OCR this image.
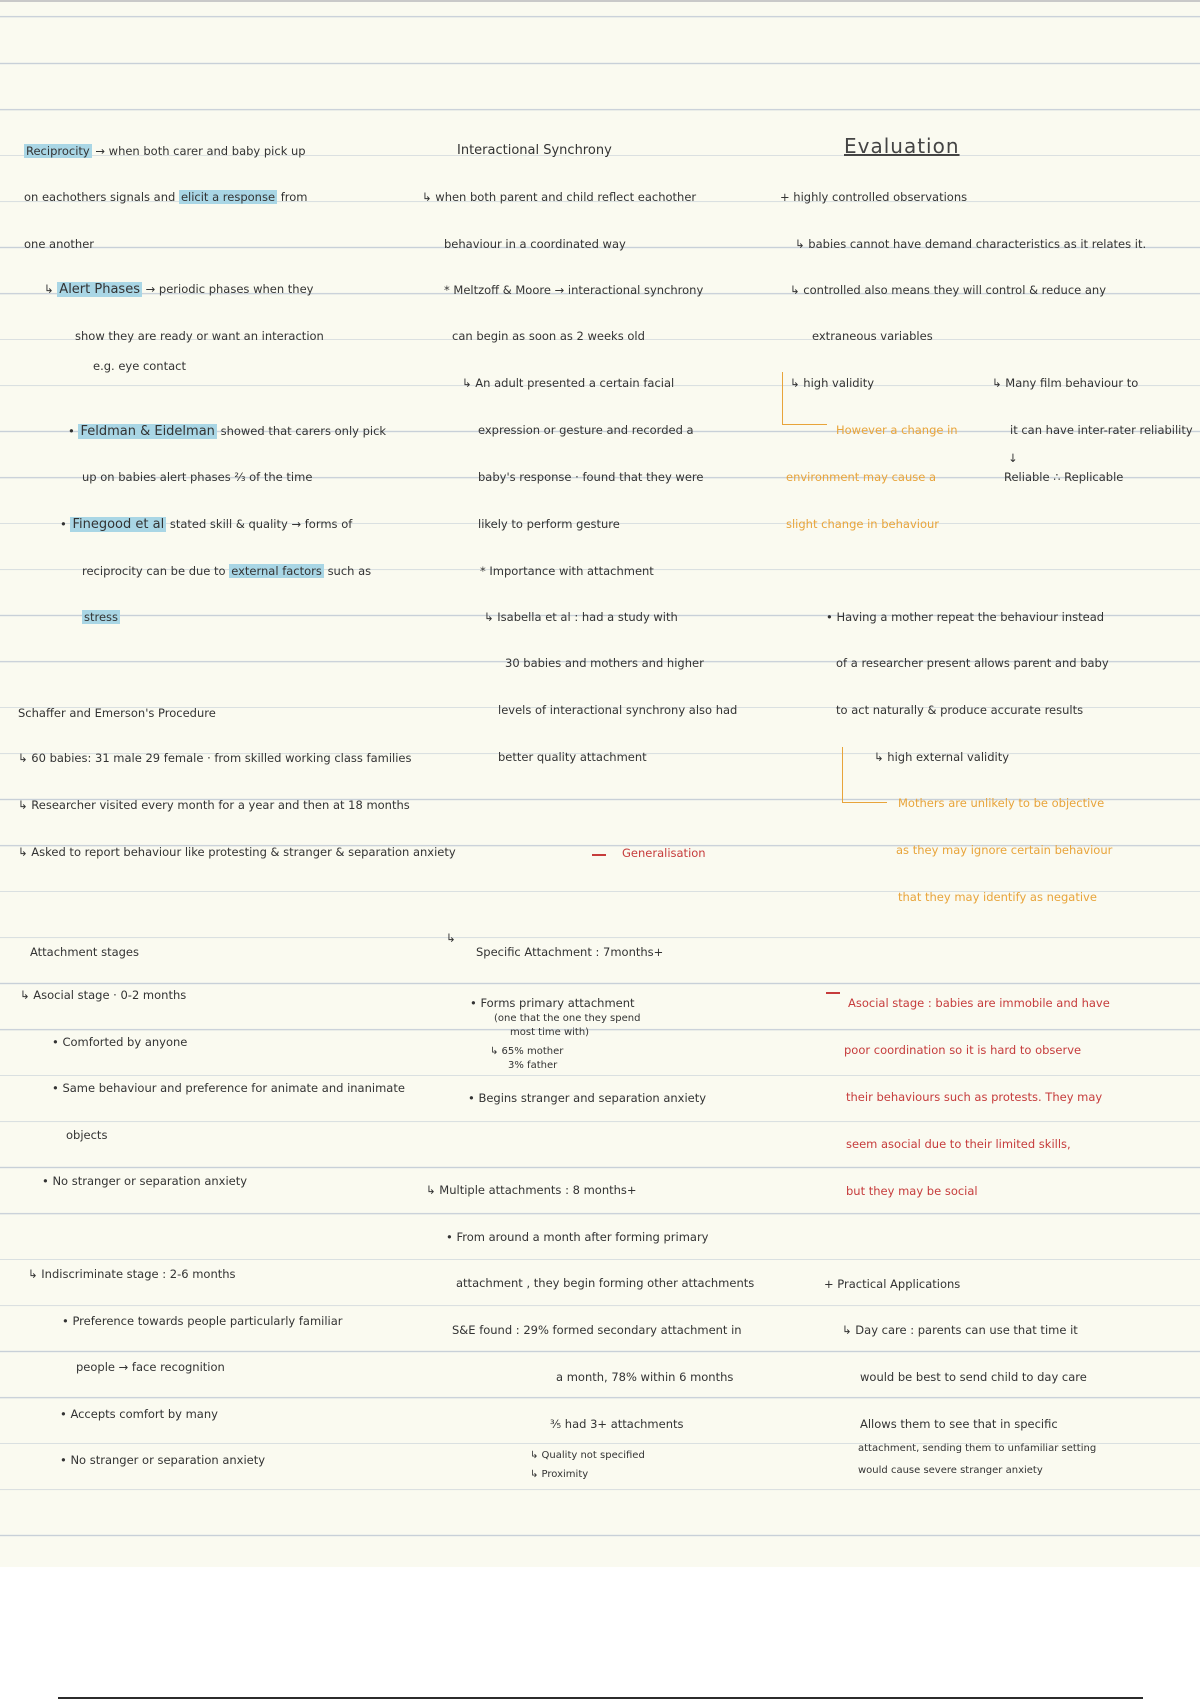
Reciprocity → when both carer and baby pick up
on eachothers signals and elicit a response from
one another
↳ Alert Phases → periodic phases when they
show they are ready or want an interaction
e.g. eye contact
• Feldman & Eidelman showed that carers only pick
up on babies alert phases ⅔ of the time
• Finegood et al stated skill & quality → forms of
reciprocity can be due to external factors such as
stress
Schaffer and Emerson's Procedure
↳ 60 babies: 31 male 29 female · from skilled working class families
↳ Researcher visited every month for a year and then at 18 months
↳ Asked to report behaviour like protesting & stranger & separation anxiety
Attachment stages
↳ Asocial stage · 0-2 months
• Comforted by anyone
• Same behaviour and preference for animate and inanimate
objects
• No stranger or separation anxiety
↳ Indiscriminate stage : 2-6 months
• Preference towards people particularly familiar
people → face recognition
• Accepts comfort by many
• No stranger or separation anxiety
Interactional Synchrony
↳ when both parent and child reflect eachother
behaviour in a coordinated way
* Meltzoff & Moore → interactional synchrony
can begin as soon as 2 weeks old
↳ An adult presented a certain facial
expression or gesture and recorded a
baby's response · found that they were
likely to perform gesture
* Importance with attachment
↳ Isabella et al : had a study with
30 babies and mothers and higher
levels of interactional synchrony also had
better quality attachment
Generalisation
↳
Specific Attachment : 7months+
• Forms primary attachment
(one that the one they spend
most time with)
↳ 65% mother
3% father
• Begins stranger and separation anxiety
↳ Multiple attachments : 8 months+
• From around a month after forming primary
attachment , they begin forming other attachments
S&E found : 29% formed secondary attachment in
a month, 78% within 6 months
⅗ had 3+ attachments
↳ Quality not specified
↳ Proximity
Evaluation
+ highly controlled observations
↳ babies cannot have demand characteristics as it relates it.
↳ controlled also means they will control & reduce any
extraneous variables
↳ high validity	↳ Many film behaviour to
However a change in	it can have inter-rater reliability
↓
environment may cause a	Reliable ∴ Replicable
slight change in behaviour
• Having a mother repeat the behaviour instead
of a researcher present allows parent and baby
to act naturally & produce accurate results
↳ high external validity
Mothers are unlikely to be objective
as they may ignore certain behaviour
that they may identify as negative
Asocial stage : babies are immobile and have
poor coordination so it is hard to observe
their behaviours such as protests. They may
seem asocial due to their limited skills,
but they may be social
+ Practical Applications
↳ Day care : parents can use that time it
would be best to send child to day care
Allows them to see that in specific
attachment, sending them to unfamiliar setting
would cause severe stranger anxiety
